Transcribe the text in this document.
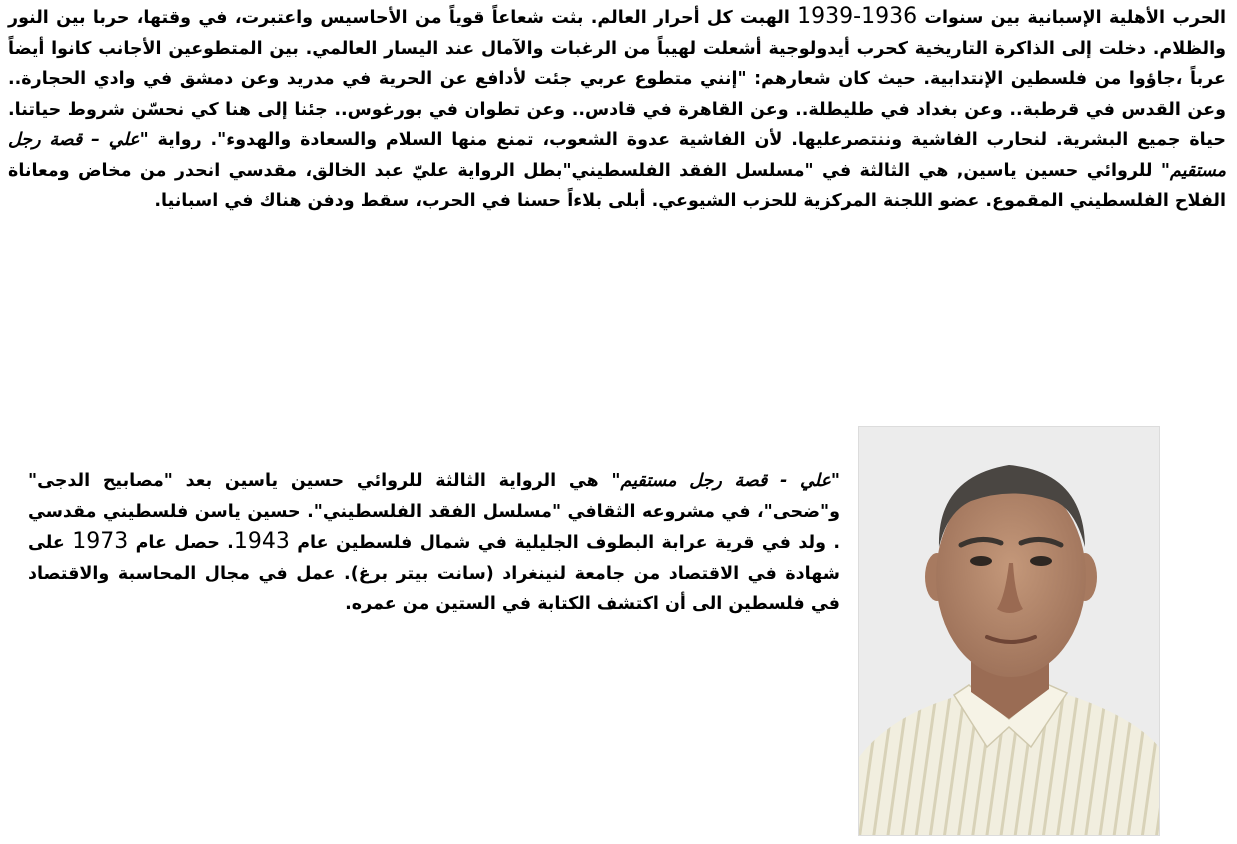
الحرب الأهلية الإسبانية بين سنوات 1936-1939 الهبت كل أحرار العالم. بثت شعاعاً قوياً من الأحاسيس واعتبرت، في وقتها، حربا بين النور والظلام. دخلت إلى الذاكرة التاريخية كحرب أيدولوجية أشعلت لهيباً من الرغبات والآمال عند اليسار العالمي. بين المتطوعين الأجانب كانوا أيضاً عرباً ،جاؤوا من فلسطين الإنتدابية. حيث كان شعارهم: "إنني متطوع عربي جئت لأدافع عن الحرية في مدريد وعن دمشق في وادي الحجارة.. وعن القدس في قرطبة.. وعن بغداد في طليطلة.. وعن القاهرة في قادس.. وعن تطوان في بورغوس.. جئنا إلى هنا كي نحسّن شروط حياتنا. حياة جميع البشرية. لنحارب الفاشية وننتصرعليها. لأن الفاشية عدوة الشعوب، تمنع منها السلام والسعادة والهدوء". رواية "علي – قصة رجل مستقيم" للروائي حسين ياسين, هي الثالثة في "مسلسل الفقد الفلسطيني"بطل الرواية عليّ عبد الخالق، مقدسي انحدر من مخاض ومعاناة الفلاح الفلسطيني المقموع. عضو اللجنة المركزية للحزب الشيوعي. أبلى بلاءاً حسنا في الحرب، سقط ودفن هناك في اسبانيا.

"علي - قصة رجل مستقيم" هي الرواية الثالثة للروائي حسين ياسين بعد "مصابيح الدجى" و"ضحى"، في مشروعه الثقافي "مسلسل الفقد الفلسطيني". حسين ياسن فلسطيني مقدسي . ولد في قرية عرابة البطوف الجليلية في شمال فلسطين عام 1943. حصل عام 1973 على شهادة في الاقتصاد من جامعة لنينغراد (سانت بيتر برغ). عمل في مجال المحاسبة والاقتصاد في فلسطين الى أن اكتشف الكتابة في الستين من عمره.
